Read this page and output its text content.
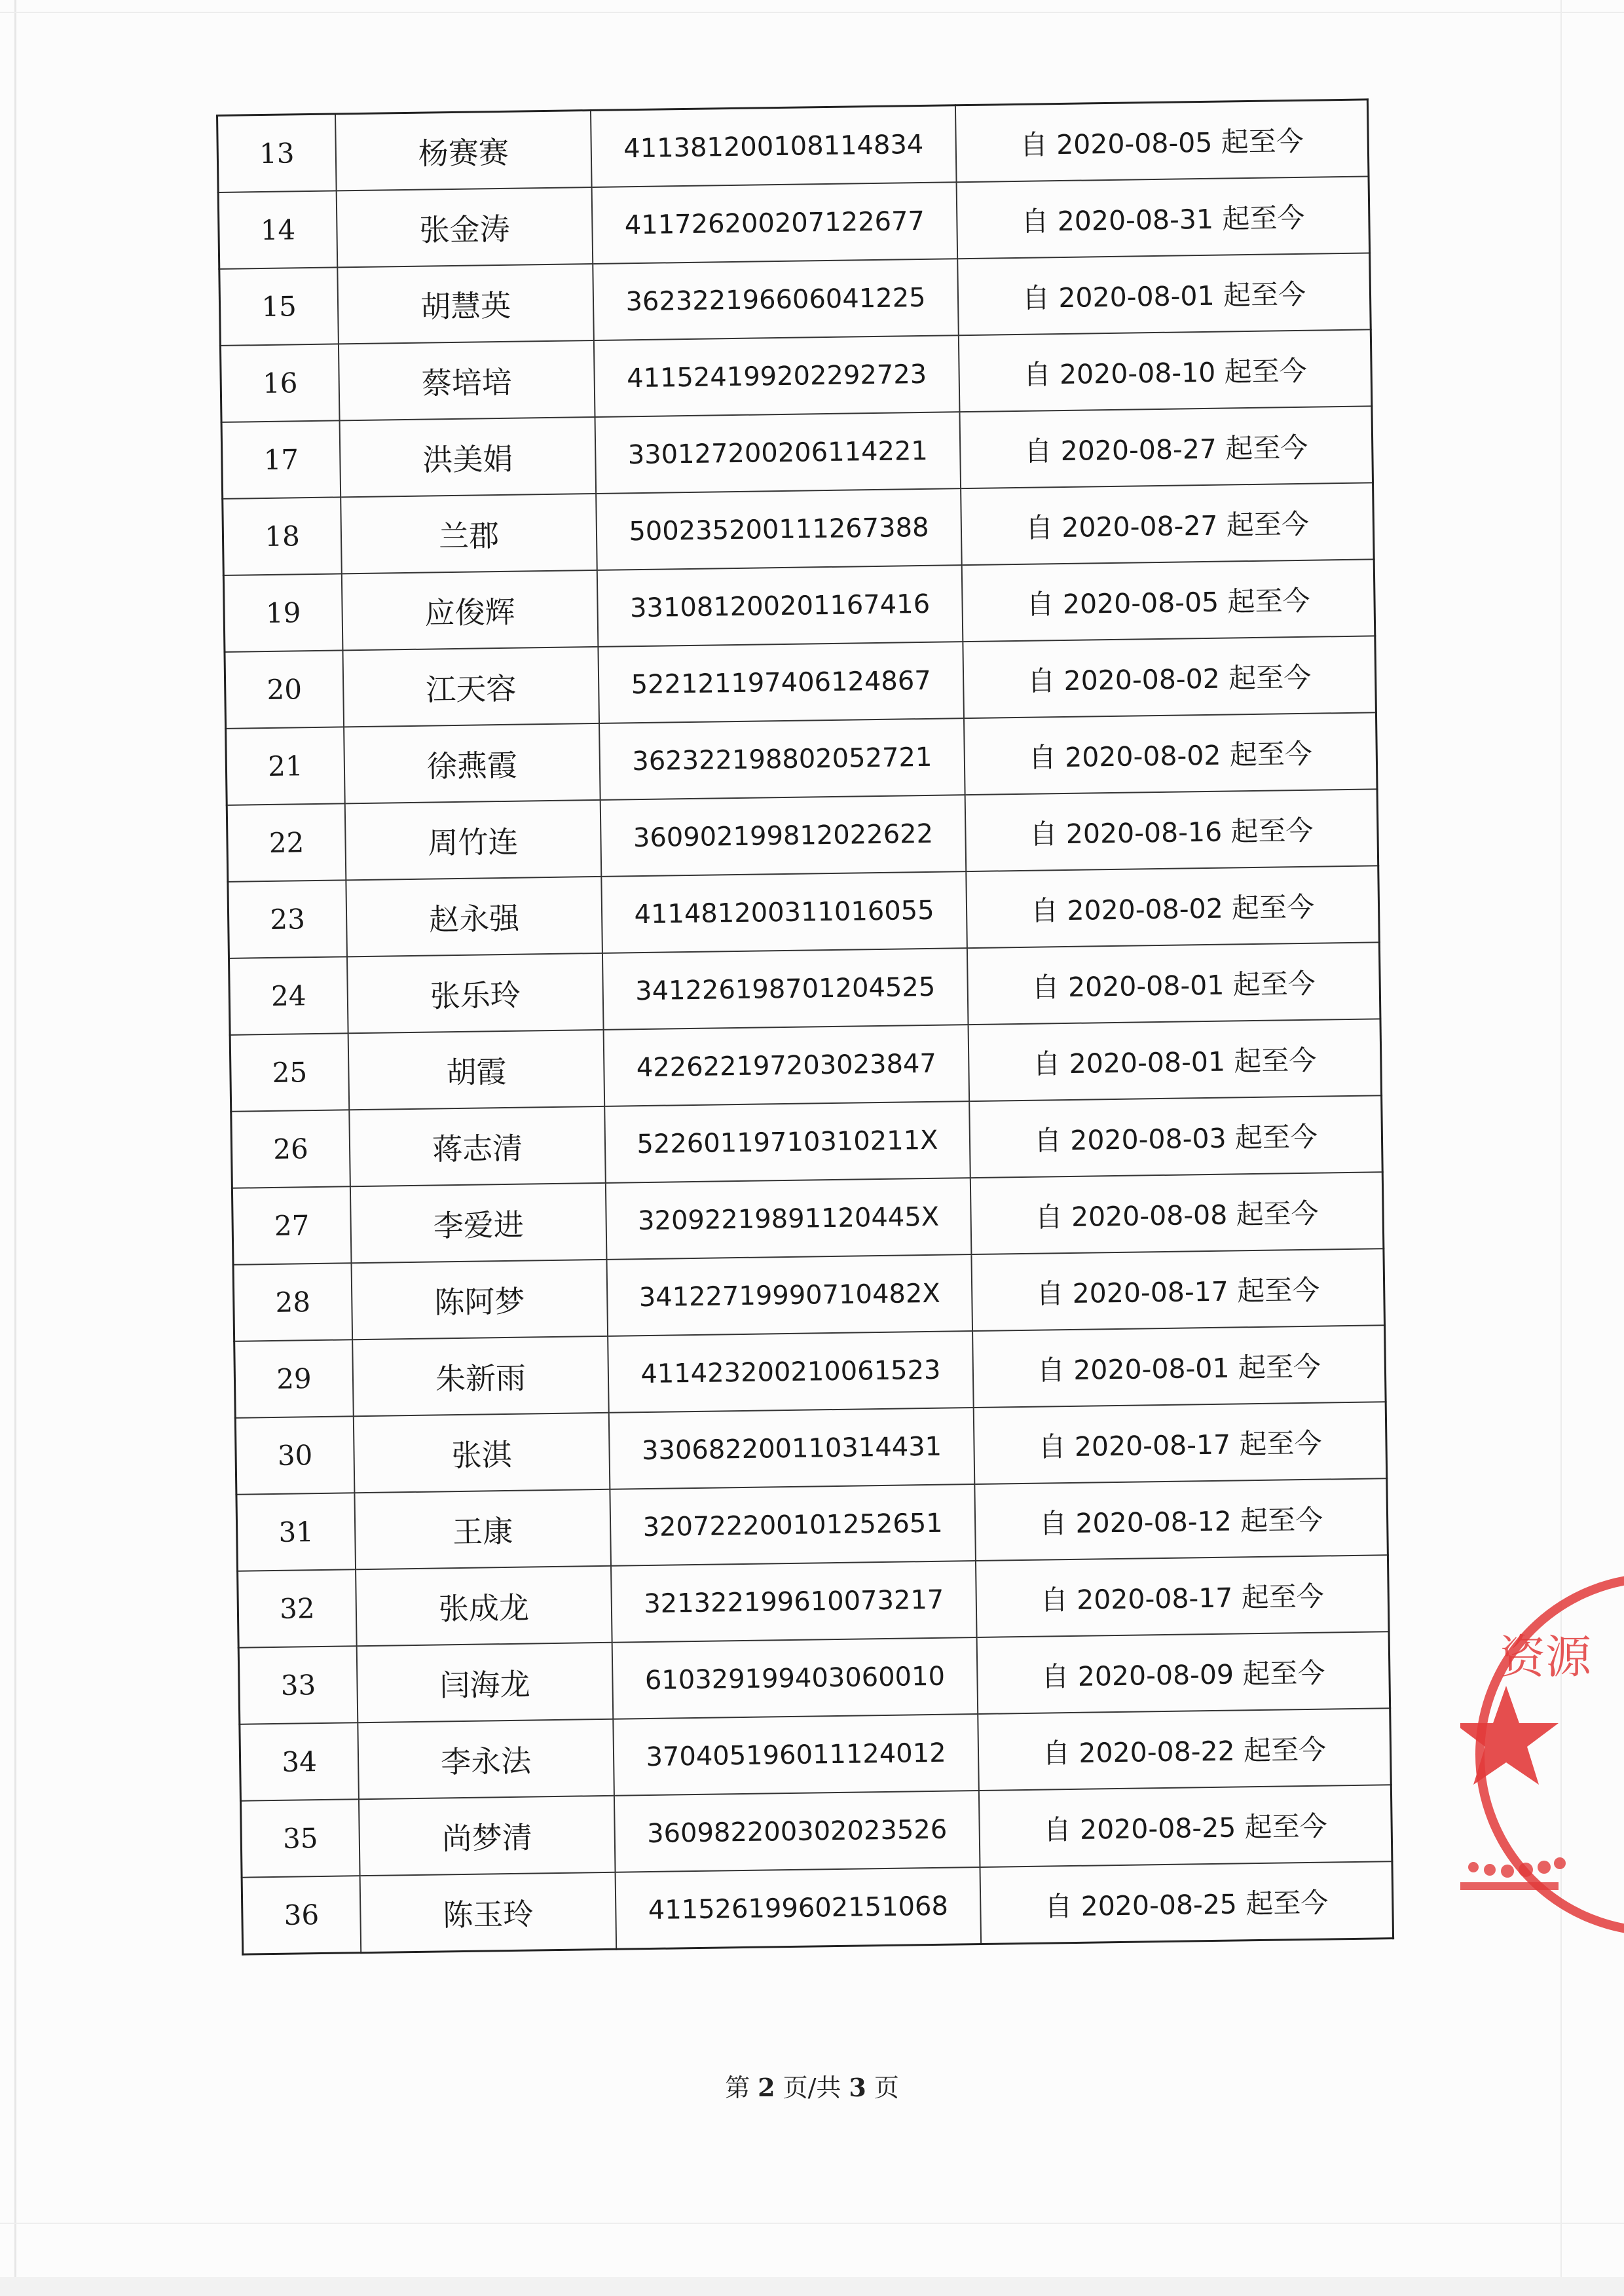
13	杨赛赛	411381200108114834	自 2020-08-05 起至今
14	张金涛	411726200207122677	自 2020-08-31 起至今
15	胡慧英	362322196606041225	自 2020-08-01 起至今
16	蔡培培	411524199202292723	自 2020-08-10 起至今
17	洪美娟	330127200206114221	自 2020-08-27 起至今
18	兰郡	500235200111267388	自 2020-08-27 起至今
19	应俊辉	331081200201167416	自 2020-08-05 起至今
20	江天容	522121197406124867	自 2020-08-02 起至今
21	徐燕霞	362322198802052721	自 2020-08-02 起至今
22	周竹连	360902199812022622	自 2020-08-16 起至今
23	赵永强	411481200311016055	自 2020-08-02 起至今
24	张乐玲	341226198701204525	自 2020-08-01 起至今
25	胡霞	422622197203023847	自 2020-08-01 起至今
26	蒋志清	52260119710310211X	自 2020-08-03 起至今
27	李爱进	32092219891120445X	自 2020-08-08 起至今
28	陈阿梦	34122719990710482X	自 2020-08-17 起至今
29	朱新雨	411423200210061523	自 2020-08-01 起至今
30	张淇	330682200110314431	自 2020-08-17 起至今
31	王康	320722200101252651	自 2020-08-12 起至今
32	张成龙	321322199610073217	自 2020-08-17 起至今
33	闫海龙	610329199403060010	自 2020-08-09 起至今
34	李永法	370405196011124012	自 2020-08-22 起至今
35	尚梦清	360982200302023526	自 2020-08-25 起至今
36	陈玉玲	411526199602151068	自 2020-08-25 起至今
第 2 页/共 3 页
资源
